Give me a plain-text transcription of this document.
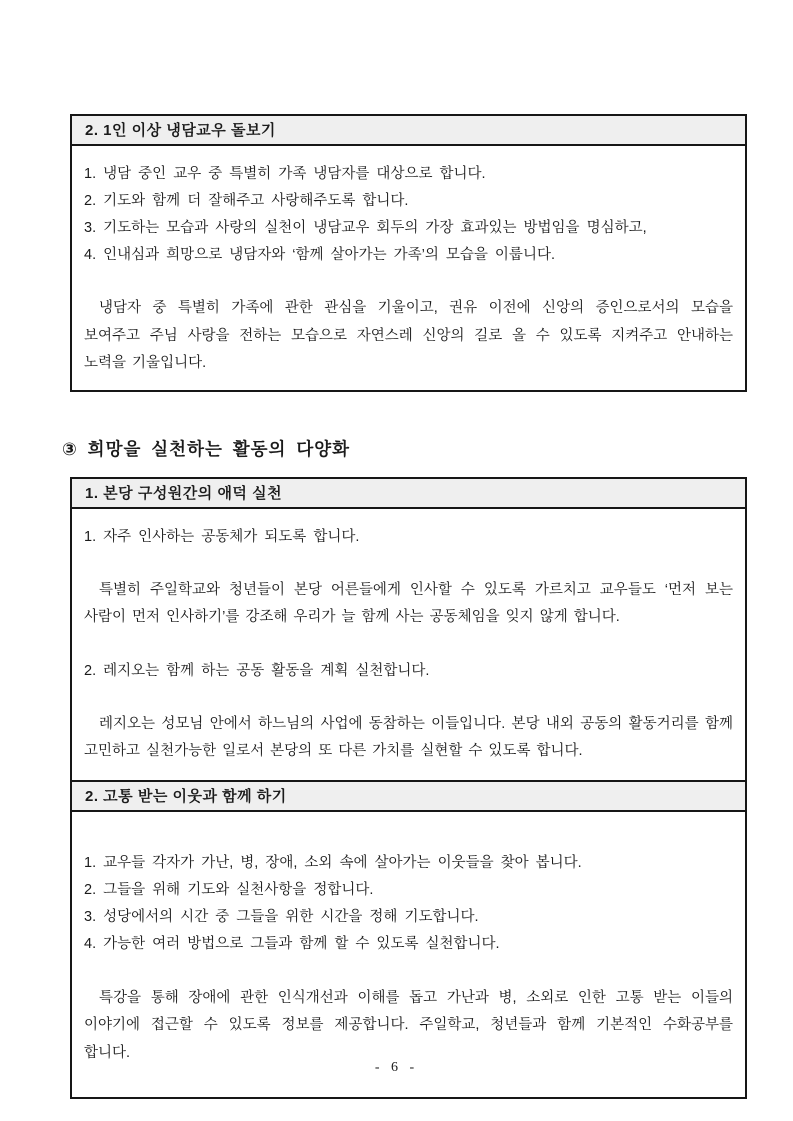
2. 1인 이상 냉담교우 돌보기
1. 냉담 중인 교우 중 특별히 가족 냉담자를 대상으로 합니다.
2. 기도와 함께 더 잘해주고 사랑해주도록 합니다.
3. 기도하는 모습과 사랑의 실천이 냉담교우 회두의 가장 효과있는 방법임을 명심하고,
4. 인내심과 희망으로 냉담자와 ‘함께 살아가는 가족’의 모습을 이룹니다.

냉담자 중 특별히 가족에 관한 관심을 기울이고, 권유 이전에 신앙의 증인으로서의 모습을 보여주고 주님 사랑을 전하는 모습으로 자연스레 신앙의 길로 올 수 있도록 지켜주고 안내하는 노력을 기울입니다.

③ 희망을 실천하는 활동의 다양화
1. 본당 구성원간의 애덕 실천
1. 자주 인사하는 공동체가 되도록 합니다.

특별히 주일학교와 청년들이 본당 어른들에게 인사할 수 있도록 가르치고 교우들도 ‘먼저 보는 사람이 먼저 인사하기’를 강조해 우리가 늘 함께 사는 공동체임을 잊지 않게 합니다.

2. 레지오는 함께 하는 공동 활동을 계획 실천합니다.

레지오는 성모님 안에서 하느님의 사업에 동참하는 이들입니다. 본당 내외 공동의 활동거리를 함께 고민하고 실천가능한 일로서 본당의 또 다른 가치를 실현할 수 있도록 합니다.

2. 고통 받는 이웃과 함께 하기
1. 교우들 각자가 가난, 병, 장애, 소외 속에 살아가는 이웃들을 찾아 봅니다.
2. 그들을 위해 기도와 실천사항을 정합니다.
3. 성당에서의 시간 중 그들을 위한 시간을 정해 기도합니다.
4. 가능한 여러 방법으로 그들과 함께 할 수 있도록 실천합니다.

특강을 통해 장애에 관한 인식개선과 이해를 돕고 가난과 병, 소외로 인한 고통 받는 이들의 이야기에 접근할 수 있도록 정보를 제공합니다. 주일학교, 청년들과 함께 기본적인 수화공부를 합니다.

- 6 -
